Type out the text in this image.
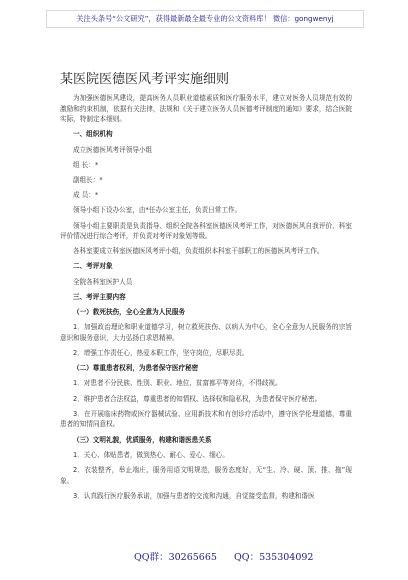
关注头条号“公文研究”，获得最新最全最专业的公文资料库！ 微信：gongwenyj
某医院医德医风考评实施细则

为加强医德医风建设，提高医务人员职业道德素质和医疗服务水平，建立对医务人员规范有效的激励和约束机制，依据有关法律，法规和《关于建立医务人员医德考评制度的通知》要求，结合医院实际，特制定本细则。

一、组织机构

成立医德医风考评领导小组

组 长：*

副组长：*

成 员：*

领导小组下设办公室，由*任办公室主任，负责日常工作。

领导小组主要职责是负责指导、组织全院各科室医德医风考评工作，对医德医风自我评价、科室评价情况进行综合考评，并负责对考评对象划等级。

各科室要成立科室医德医风考评小组，负责组织本科室干部职工的医德医风考评工作。

二、考评对象

全院各科室医护人员

三、考评主要内容

（一）救死扶伤，全心全意为人民服务

1．加强政治理论和职业道德学习，树立救死扶伤、以病人为中心，全心全意为人民服务的宗旨意识和服务意识，大力弘扬白求恩精神。

2．增强工作责任心，热爱本职工作，坚守岗位，尽职尽责。

（二）尊重患者权利，为患者保守医疗秘密

1．对患者不分民族、性别、职业、地位、贫富都平等对待，不得歧视。

2．维护患者合法权益，尊重患者的知情权、选择权和隐私权，为患者保守医疗秘密。

3．在开展临床药物或医疗器械试验、应用新技术和有创诊疗活动中，遵守医学伦理道德，尊重患者的知情同意权。

（三）文明礼貌，优质服务，构建和谐医患关系

1．关心、体贴患者，做到热心、耐心、爱心、细心。

2．衣装整齐，举止端庄，服务用语文明规范，服务态度好，无“生、冷、硬、顶、推、拖”现象。

3．认真践行医疗服务承诺，加强与患者的交流和沟通，自觉接受监督，构建和谐医

QQ群：30265665 QQ：535304092
